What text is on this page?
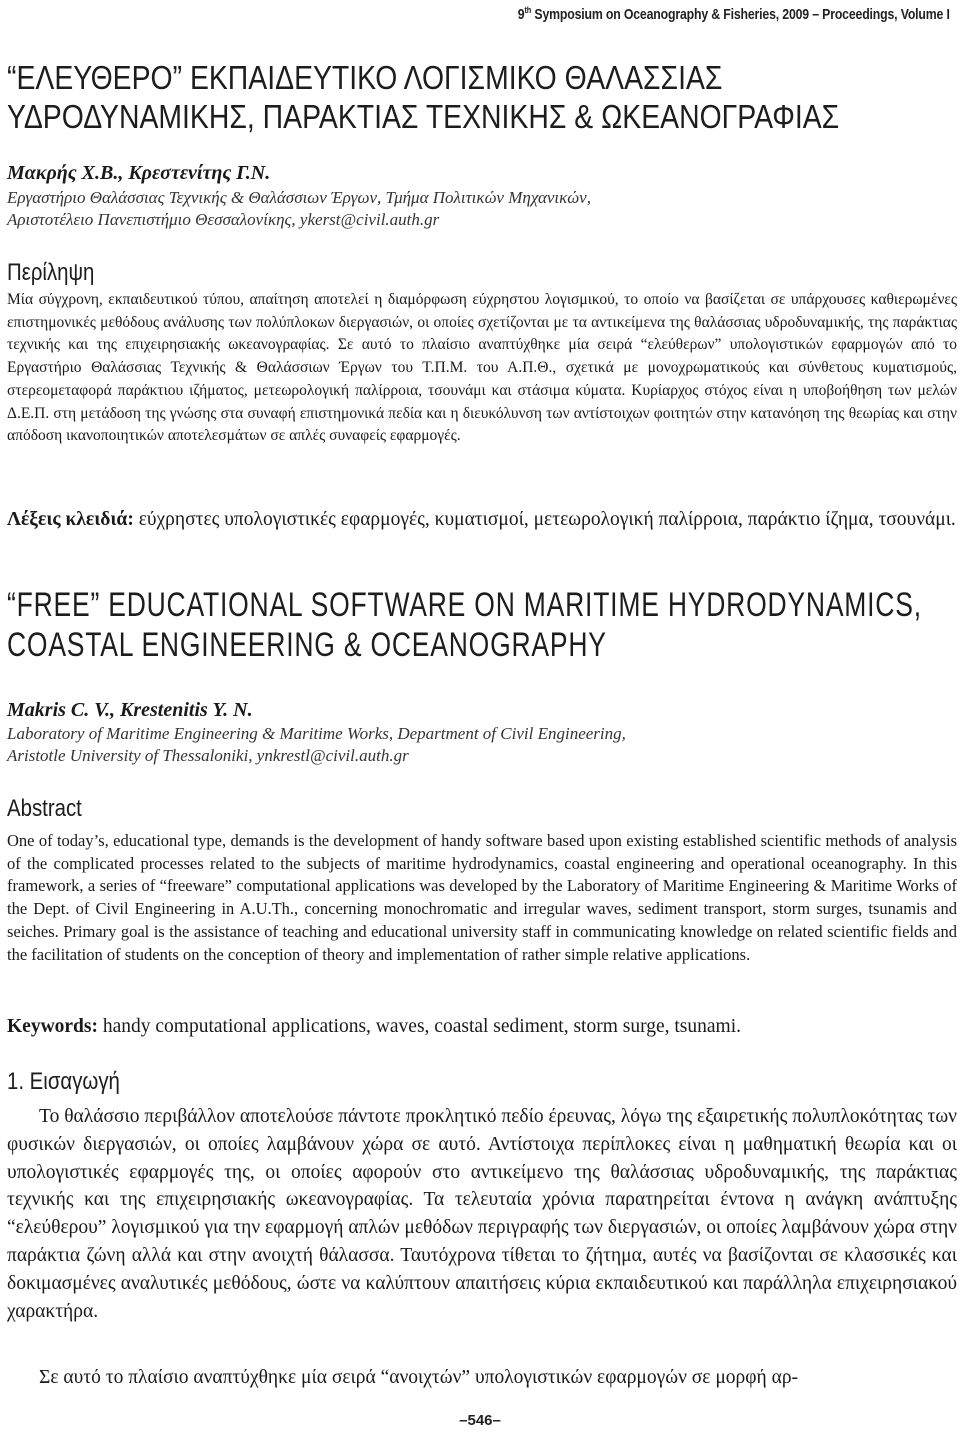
9th Symposium on Oceanography & Fisheries, 2009 – Proceedings, Volume I
“ΕΛΕΥΘΕΡΟ” ΕΚΠΑΙΔΕΥΤΙΚΟ ΛΟΓΙΣΜΙΚΟ ΘΑΛΑΣΣΙΑΣ
ΥΔΡΟΔΥΝΑΜΙΚΗΣ, ΠΑΡΑΚΤΙΑΣ ΤΕΧΝΙΚΗΣ & ΩΚΕΑΝΟΓΡΑΦΙΑΣ
Μακρής Χ.Β., Κρεστενίτης Γ.Ν.
Εργαστήριο Θαλάσσιας Τεχνικής & Θαλάσσιων Έργων, Τμήμα Πολιτικών Μηχανικών,
Αριστοτέλειο Πανεπιστήμιο Θεσσαλονίκης, ykerst@civil.auth.gr
Περίληψη
Μία σύγχρονη, εκπαιδευτικού τύπου, απαίτηση αποτελεί η διαμόρφωση εύχρηστου λογισμικού, το οποίο να βασίζεται σε υπάρχουσες καθιερωμένες επιστημονικές μεθόδους ανάλυσης των πολύπλοκων διεργασιών, οι οποίες σχετίζονται με τα αντικείμενα της θαλάσσιας υδροδυναμικής, της παράκτιας τεχνικής και της επιχειρησιακής ωκεανογραφίας. Σε αυτό το πλαίσιο αναπτύχθηκε μία σειρά “ελεύθερων” υπολογιστικών εφαρμογών από το Εργαστήριο Θαλάσσιας Τεχνικής & Θαλάσσιων Έργων του Τ.Π.Μ. του Α.Π.Θ., σχετικά με μονοχρωματικούς και σύνθετους κυματισμούς, στερεομεταφορά παράκτιου ιζήματος, μετεωρολογική παλίρροια, τσουνάμι και στάσιμα κύματα. Κυρίαρχος στόχος είναι η υποβοήθηση των μελών Δ.Ε.Π. στη μετάδοση της γνώσης στα συναφή επιστημονικά πεδία και η διευκόλυνση των αντίστοιχων φοιτητών στην κατανόηση της θεωρίας και στην απόδοση ικανοποιητικών αποτελεσμάτων σε απλές συναφείς εφαρμογές.
Λέξεις κλειδιά: εύχρηστες υπολογιστικές εφαρμογές, κυματισμοί, μετεωρολογική παλίρροια, παράκτιο ίζημα, τσουνάμι.
“FREE” EDUCATIONAL SOFTWARE ON MARITIME HYDRODYNAMICS,
COASTAL ENGINEERING & OCEANOGRAPHY
Makris C. V., Krestenitis Y. N.
Laboratory of Maritime Engineering & Maritime Works, Department of Civil Engineering,
Aristotle University of Thessaloniki, ynkrestl@civil.auth.gr
Abstract
One of today’s, educational type, demands is the development of handy software based upon existing established scientific methods of analysis of the complicated processes related to the subjects of maritime hydrodynamics, coastal engineering and operational oceanography. In this framework, a series of “freeware” computational applications was developed by the Laboratory of Maritime Engineering & Maritime Works of the Dept. of Civil Engineering in A.U.Th., concerning monochromatic and irregular waves, sediment transport, storm surges, tsunamis and seiches. Primary goal is the assistance of teaching and educational university staff in communicating knowledge on related scientific fields and the facilitation of students on the conception of theory and implementation of rather simple relative applications.
Keywords: handy computational applications, waves, coastal sediment, storm surge, tsunami.
1. Εισαγωγή
Το θαλάσσιο περιβάλλον αποτελούσε πάντοτε προκλητικό πεδίο έρευνας, λόγω της εξαιρετικής πολυπλοκότητας των φυσικών διεργασιών, οι οποίες λαμβάνουν χώρα σε αυτό. Αντίστοιχα περίπλοκες είναι η μαθηματική θεωρία και οι υπολογιστικές εφαρμογές της, οι οποίες αφορούν στο αντικείμενο της θαλάσσιας υδροδυναμικής, της παράκτιας τεχνικής και της επιχειρησιακής ωκεανογραφίας. Τα τελευταία χρόνια παρατηρείται έντονα η ανάγκη ανάπτυξης “ελεύθερου” λογισμικού για την εφαρμογή απλών μεθόδων περιγραφής των διεργασιών, οι οποίες λαμβάνουν χώρα στην παράκτια ζώνη αλλά και στην ανοιχτή θάλασσα. Ταυτόχρονα τίθεται το ζήτημα, αυτές να βασίζονται σε κλασσικές και δοκιμασμένες αναλυτικές μεθόδους, ώστε να καλύπτουν απαιτήσεις κύρια εκπαιδευτικού και παράλληλα επιχειρησιακού χαρακτήρα.
Σε αυτό το πλαίσιο αναπτύχθηκε μία σειρά “ανοιχτών” υπολογιστικών εφαρμογών σε μορφή αρ-
–546–
